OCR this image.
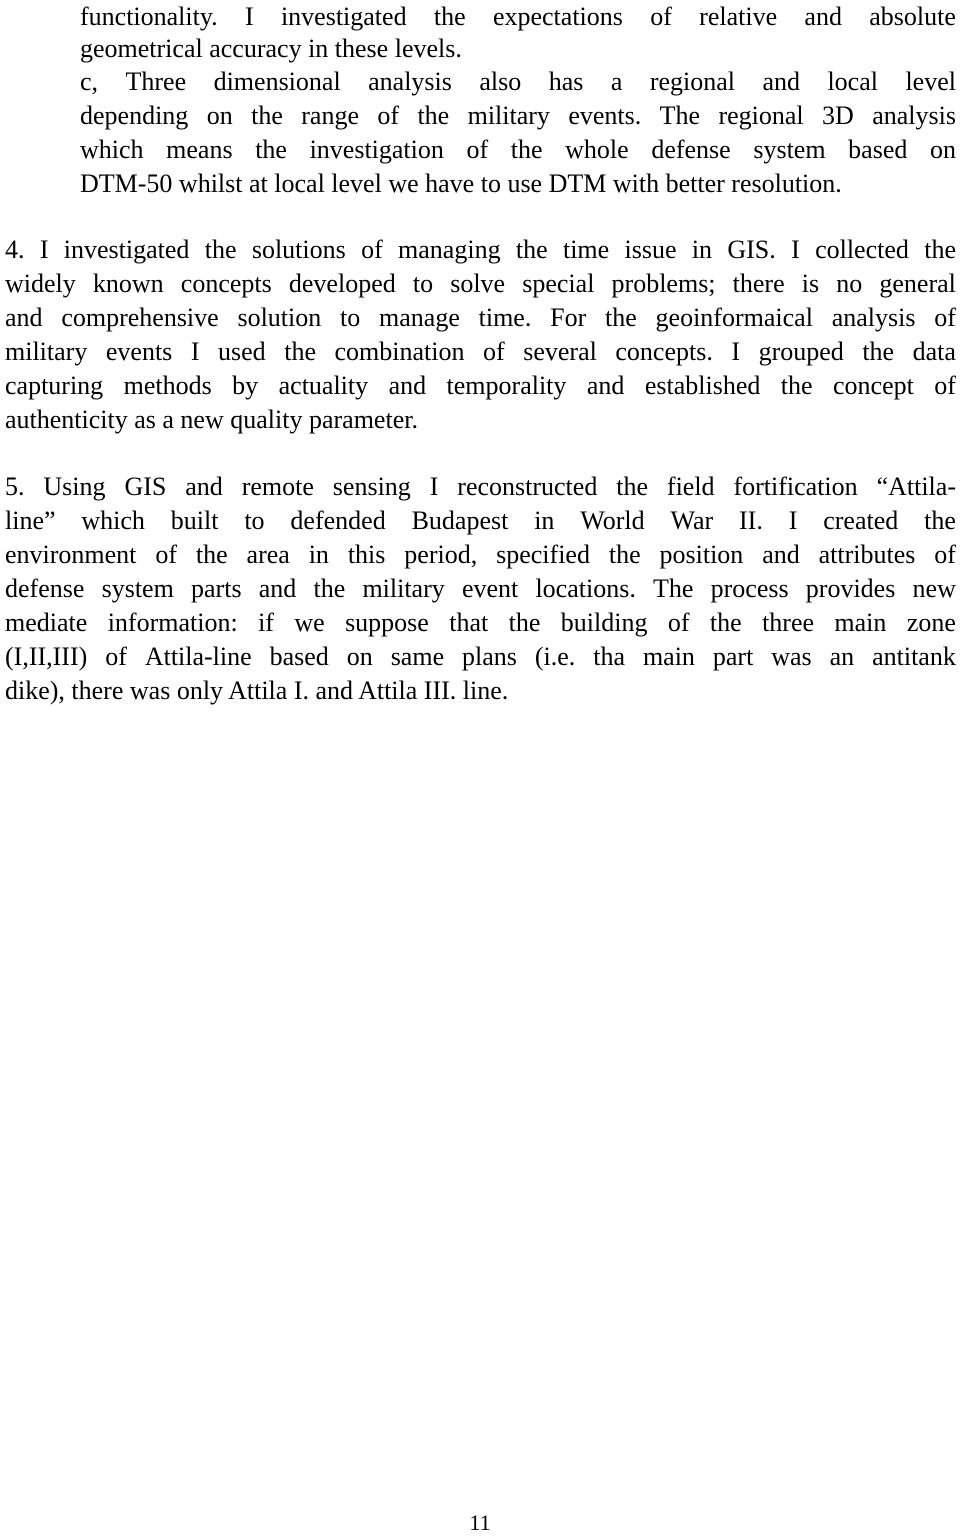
functionality. I investigated the expectations of relative and absolute
geometrical accuracy in these levels.
c, Three dimensional analysis also has a regional and local level
depending on the range of the military events. The regional 3D analysis
which means the investigation of the whole defense system based on
DTM-50 whilst at local level we have to use DTM with better resolution.
4. I investigated the solutions of managing the time issue in GIS. I collected the
widely known concepts developed to solve special problems; there is no general
and comprehensive solution to manage time. For the geoinformaical analysis of
military events I used the combination of several concepts. I grouped the data
capturing methods by actuality and temporality and established the concept of
authenticity as a new quality parameter.
5. Using GIS and remote sensing I reconstructed the field fortification “Attila-
line” which built to defended Budapest in World War II. I created the
environment of the area in this period, specified the position and attributes of
defense system parts and the military event locations. The process provides new
mediate information: if we suppose that the building of the three main zone
(I,II,III) of Attila-line based on same plans (i.e. tha main part was an antitank
dike), there was only Attila I. and Attila III. line.
11
